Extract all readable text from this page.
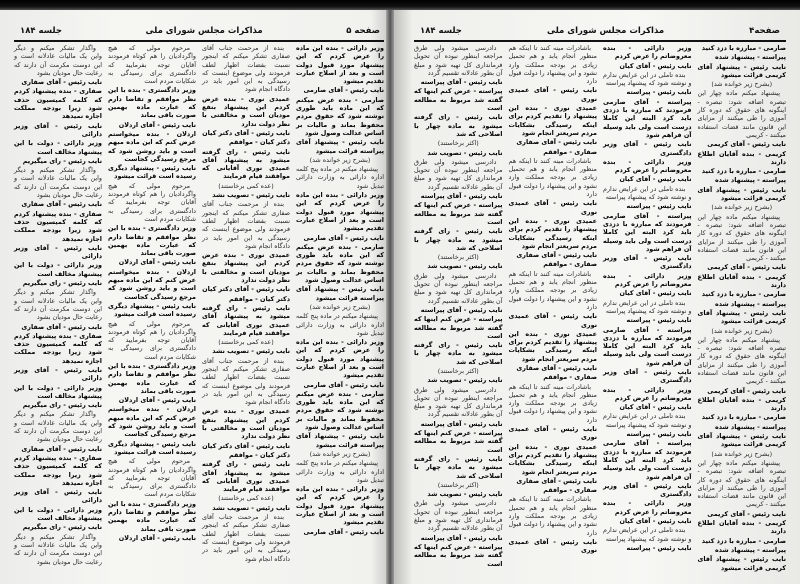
صفحه ۵
مذاکرات مجلس شورای ملی
جلسه ۱۸۴

وزیر دارائی - بنده این ماده را عرض کردم که این پیشنهاد مورد قبول دولت است و بعد از اصلاح عبارت تقدیم میشود

نایب رئیس - آقای صارمی

صارمی - بنده عرض میکنم که این ماده باید طوری نوشته شود که حقوق مردم محفوظ بماند و مالیات بر اساس عدالت وصول شود

نایب رئیس - پیشنهاد آقای پیراسته قرائت میشود

(بشرح زیر خوانده شد)

پیشنهاد میکنم در ماده پنج کلمه اداره دارائی به وزارت دارائی تبدیل شود

وزیر دارائی - بنده این ماده را عرض کردم که این پیشنهاد مورد قبول دولت است و بعد از اصلاح عبارت تقدیم میشود

نایب رئیس - آقای صارمی

صارمی - بنده عرض میکنم که این ماده باید طوری نوشته شود که حقوق مردم محفوظ بماند و مالیات بر اساس عدالت وصول شود

نایب رئیس - پیشنهاد آقای پیراسته قرائت میشود

(بشرح زیر خوانده شد)

پیشنهاد میکنم در ماده پنج کلمه اداره دارائی به وزارت دارائی تبدیل شود

وزیر دارائی - بنده این ماده را عرض کردم که این پیشنهاد مورد قبول دولت است و بعد از اصلاح عبارت تقدیم میشود

نایب رئیس - آقای صارمی

صارمی - بنده عرض میکنم که این ماده باید طوری نوشته شود که حقوق مردم محفوظ بماند و مالیات بر اساس عدالت وصول شود

نایب رئیس - پیشنهاد آقای پیراسته قرائت میشود

(بشرح زیر خوانده شد)

پیشنهاد میکنم در ماده پنج کلمه اداره دارائی به وزارت دارائی تبدیل شود

وزیر دارائی - بنده این ماده را عرض کردم که این پیشنهاد مورد قبول دولت است و بعد از اصلاح عبارت تقدیم میشود

نایب رئیس - آقای صارمی

بنده از مرحمت جناب آقای صفاری تشکر میکنم که اینجور نسبت بفضات اظهار لطف فرمودند ولی موضوع اینست که رسیدگی به این امور باید در دادگاه انجام شود

عمیدی نوری - بنده عرض کردم این پیشنهاد بنفع مودیان است و مخالفتی با نظر دولت ندارد

نایب رئیس - آقای دکتر کیان

دکتر کیان - موافقم

نایب رئیس - رای گرفته میشود به پیشنهاد آقای عمیدی نوری آقایانی که موافقند قیام فرمایند

(عده کمی برخاستند)

نایب رئیس - تصویب نشد

بنده از مرحمت جناب آقای صفاری تشکر میکنم که اینجور نسبت بفضات اظهار لطف فرمودند ولی موضوع اینست که رسیدگی به این امور باید در دادگاه انجام شود

عمیدی نوری - بنده عرض کردم این پیشنهاد بنفع مودیان است و مخالفتی با نظر دولت ندارد

نایب رئیس - آقای دکتر کیان

دکتر کیان - موافقم

نایب رئیس - رای گرفته میشود به پیشنهاد آقای عمیدی نوری آقایانی که موافقند قیام فرمایند

(عده کمی برخاستند)

نایب رئیس - تصویب نشد

بنده از مرحمت جناب آقای صفاری تشکر میکنم که اینجور نسبت بفضات اظهار لطف فرمودند ولی موضوع اینست که رسیدگی به این امور باید در دادگاه انجام شود

عمیدی نوری - بنده عرض کردم این پیشنهاد بنفع مودیان است و مخالفتی با نظر دولت ندارد

نایب رئیس - آقای دکتر کیان

دکتر کیان - موافقم

نایب رئیس - رای گرفته میشود به پیشنهاد آقای عمیدی نوری آقایانی که موافقند قیام فرمایند

(عده کمی برخاستند)

نایب رئیس - تصویب نشد

بنده از مرحمت جناب آقای صفاری تشکر میکنم که اینجور نسبت بفضات اظهار لطف فرمودند ولی موضوع اینست که رسیدگی به این امور باید در دادگاه انجام شود

مرحوم مولی که هیچ واگردادیان را هم کوتاه فرمودند آقایان توجه بفرمایید که دادگستری برای رسیدگی به شکایات مردم است

وزیر دادگستری - بنده با این نظر موافقم و تقاضا دارم که عبارت ماده بهمین صورت باقی بماند

نایب رئیس - آقای اردلان

اردلان - بنده میخواستم عرض کنم که این ماده مبهم است و باید روشن شود که مرجع رسیدگی کجاست

نایب رئیس - پیشنهاد دیگری رسیده است قرائت میشود

مرحوم مولی که هیچ واگردادیان را هم کوتاه فرمودند آقایان توجه بفرمایید که دادگستری برای رسیدگی به شکایات مردم است

وزیر دادگستری - بنده با این نظر موافقم و تقاضا دارم که عبارت ماده بهمین صورت باقی بماند

نایب رئیس - آقای اردلان

اردلان - بنده میخواستم عرض کنم که این ماده مبهم است و باید روشن شود که مرجع رسیدگی کجاست

نایب رئیس - پیشنهاد دیگری رسیده است قرائت میشود

مرحوم مولی که هیچ واگردادیان را هم کوتاه فرمودند آقایان توجه بفرمایید که دادگستری برای رسیدگی به شکایات مردم است

وزیر دادگستری - بنده با این نظر موافقم و تقاضا دارم که عبارت ماده بهمین صورت باقی بماند

نایب رئیس - آقای اردلان

اردلان - بنده میخواستم عرض کنم که این ماده مبهم است و باید روشن شود که مرجع رسیدگی کجاست

نایب رئیس - پیشنهاد دیگری رسیده است قرائت میشود

مرحوم مولی که هیچ واگردادیان را هم کوتاه فرمودند آقایان توجه بفرمایید که دادگستری برای رسیدگی به شکایات مردم است

وزیر دادگستری - بنده با این نظر موافقم و تقاضا دارم که عبارت ماده بهمین صورت باقی بماند

نایب رئیس - آقای اردلان

واگذار تشکر میکنم و دیگر واین یک مالیات عادلانه است و این دوست مکرمت آن دارند که رعایت حال مودیان بشود

نایب رئیس - آقای صفاری

صفاری - بنده پیشنهاد کردم که کلمه کمیسیون حذف شود زیرا بودجه مملکت اجازه نمیدهد

نایب رئیس - آقای وزیر دارائی

وزیر دارائی - دولت با این پیشنهاد مخالف است

نایب رئیس - رای میگیریم

واگذار تشکر میکنم و دیگر واین یک مالیات عادلانه است و این دوست مکرمت آن دارند که رعایت حال مودیان بشود

نایب رئیس - آقای صفاری

صفاری - بنده پیشنهاد کردم که کلمه کمیسیون حذف شود زیرا بودجه مملکت اجازه نمیدهد

نایب رئیس - آقای وزیر دارائی

وزیر دارائی - دولت با این پیشنهاد مخالف است

نایب رئیس - رای میگیریم

واگذار تشکر میکنم و دیگر واین یک مالیات عادلانه است و این دوست مکرمت آن دارند که رعایت حال مودیان بشود

نایب رئیس - آقای صفاری

صفاری - بنده پیشنهاد کردم که کلمه کمیسیون حذف شود زیرا بودجه مملکت اجازه نمیدهد

نایب رئیس - آقای وزیر دارائی

وزیر دارائی - دولت با این پیشنهاد مخالف است

نایب رئیس - رای میگیریم

واگذار تشکر میکنم و دیگر واین یک مالیات عادلانه است و این دوست مکرمت آن دارند که رعایت حال مودیان بشود

نایب رئیس - آقای صفاری

صفاری - بنده پیشنهاد کردم که کلمه کمیسیون حذف شود زیرا بودجه مملکت اجازه نمیدهد

نایب رئیس - آقای وزیر دارائی

وزیر دارائی - دولت با این پیشنهاد مخالف است

نایب رئیس - رای میگیریم

واگذار تشکر میکنم و دیگر واین یک مالیات عادلانه است و این دوست مکرمت آن دارند که رعایت حال مودیان بشود

صفحه۴
مذاکرات مجلس شورای ملی
جلسه ۱۸۴

صارمی - مبارزه با دزد کنید

پیراسته - پیشنهاد شده

نایب رئیس - پیشنهاد آقای کریمی قرائت میشود

(بشرح زیر خوانده شد)

پیشنهاد میکنم ماده چهار این تبصره اضافه شود: تبصره - اینگونه های حقوق که دوره کار آموزی را طی میکنند از مزایای این قانون مانند قضات استفاده میکنند - کریمی

نایب رئیس - آقای کریمی

کریمی - بنده آقایان اطلاع دارند

صارمی - مبارزه با دزد کنید

پیراسته - پیشنهاد شده

نایب رئیس - پیشنهاد آقای کریمی قرائت میشود

(بشرح زیر خوانده شد)

پیشنهاد میکنم ماده چهار این تبصره اضافه شود: تبصره - اینگونه های حقوق که دوره کار آموزی را طی میکنند از مزایای این قانون مانند قضات استفاده میکنند - کریمی

نایب رئیس - آقای کریمی

کریمی - بنده آقایان اطلاع دارند

صارمی - مبارزه با دزد کنید

پیراسته - پیشنهاد شده

نایب رئیس - پیشنهاد آقای کریمی قرائت میشود

(بشرح زیر خوانده شد)

پیشنهاد میکنم ماده چهار این تبصره اضافه شود: تبصره - اینگونه های حقوق که دوره کار آموزی را طی میکنند از مزایای این قانون مانند قضات استفاده میکنند - کریمی

نایب رئیس - آقای کریمی

کریمی - بنده آقایان اطلاع دارند

صارمی - مبارزه با دزد کنید

پیراسته - پیشنهاد شده

نایب رئیس - پیشنهاد آقای کریمی قرائت میشود

(بشرح زیر خوانده شد)

پیشنهاد میکنم ماده چهار این تبصره اضافه شود: تبصره - اینگونه های حقوق که دوره کار آموزی را طی میکنند از مزایای این قانون مانند قضات استفاده میکنند - کریمی

نایب رئیس - آقای کریمی

کریمی - بنده آقایان اطلاع دارند

صارمی - مبارزه با دزد کنید

پیراسته - پیشنهاد شده

نایب رئیس - پیشنهاد آقای کریمی قرائت میشود

وزیر دارائی - بنده معروضاتم را عرض کردم

نایب رئیس - آقای کیان

بنده تاملی در این عرایض ندارم و نوشته شود که پیشنهاد پیراسته

نایب رئیس - پیراسته

پیراسته - آقای صارمی فرمودند که مبارزه با دزدی باید کرد البته این کاملا درست است ولی باید وسیله آن فراهم شود

نایب رئیس - آقای وزیر دادگستری

وزیر دارائی - بنده معروضاتم را عرض کردم

نایب رئیس - آقای کیان

بنده تاملی در این عرایض ندارم و نوشته شود که پیشنهاد پیراسته

نایب رئیس - پیراسته

پیراسته - آقای صارمی فرمودند که مبارزه با دزدی باید کرد البته این کاملا درست است ولی باید وسیله آن فراهم شود

نایب رئیس - آقای وزیر دادگستری

وزیر دارائی - بنده معروضاتم را عرض کردم

نایب رئیس - آقای کیان

بنده تاملی در این عرایض ندارم و نوشته شود که پیشنهاد پیراسته

نایب رئیس - پیراسته

پیراسته - آقای صارمی فرمودند که مبارزه با دزدی باید کرد البته این کاملا درست است ولی باید وسیله آن فراهم شود

نایب رئیس - آقای وزیر دادگستری

وزیر دارائی - بنده معروضاتم را عرض کردم

نایب رئیس - آقای کیان

بنده تاملی در این عرایض ندارم و نوشته شود که پیشنهاد پیراسته

نایب رئیس - پیراسته

پیراسته - آقای صارمی فرمودند که مبارزه با دزدی باید کرد البته این کاملا درست است ولی باید وسیله آن فراهم شود

نایب رئیس - آقای وزیر دادگستری

وزیر دارائی - بنده معروضاتم را عرض کردم

نایب رئیس - آقای کیان

بنده تاملی در این عرایض ندارم و نوشته شود که پیشنهاد پیراسته

نایب رئیس - پیراسته

باشادرات مینه کنند تا اینکه هم منظور انجام یابد و هم تحمیل زیادی بر بودجه مملکت وارد نشود و این پیشنهاد را دولت قبول دارد

نایب رئیس - آقای عمیدی نوری

عمیدی نوری - بنده این پیشنهاد را تقدیم کردم برای اینکه رسیدگی بشکایات مردم سریعتر انجام شود

نایب رئیس - آقای صفاری

صفاری - موافقم

باشادرات مینه کنند تا اینکه هم منظور انجام یابد و هم تحمیل زیادی بر بودجه مملکت وارد نشود و این پیشنهاد را دولت قبول دارد

نایب رئیس - آقای عمیدی نوری

عمیدی نوری - بنده این پیشنهاد را تقدیم کردم برای اینکه رسیدگی بشکایات مردم سریعتر انجام شود

نایب رئیس - آقای صفاری

صفاری - موافقم

باشادرات مینه کنند تا اینکه هم منظور انجام یابد و هم تحمیل زیادی بر بودجه مملکت وارد نشود و این پیشنهاد را دولت قبول دارد

نایب رئیس - آقای عمیدی نوری

عمیدی نوری - بنده این پیشنهاد را تقدیم کردم برای اینکه رسیدگی بشکایات مردم سریعتر انجام شود

نایب رئیس - آقای صفاری

صفاری - موافقم

باشادرات مینه کنند تا اینکه هم منظور انجام یابد و هم تحمیل زیادی بر بودجه مملکت وارد نشود و این پیشنهاد را دولت قبول دارد

نایب رئیس - آقای عمیدی نوری

عمیدی نوری - بنده این پیشنهاد را تقدیم کردم برای اینکه رسیدگی بشکایات مردم سریعتر انجام شود

نایب رئیس - آقای صفاری

صفاری - موافقم

باشادرات مینه کنند تا اینکه هم منظور انجام یابد و هم تحمیل زیادی بر بودجه مملکت وارد نشود و این پیشنهاد را دولت قبول دارد

نایب رئیس - آقای عمیدی نوری

دادرسی میشود ولی طرق مراجعه اینطور نبوده آن تحویل فرمانداری کل تهیه شود و مبلغ آن بطور عادلانه تقسیم گردد

نایب رئیس - آقای پیراسته

پیراسته - عرض کنم اینها که گفته شد مربوط به مطالعه است

نایب رئیس - رای گرفته میشود به ماده چهار با اصلاحی که شد

(اکثر برخاستند)

نایب رئیس - تصویب شد

دادرسی میشود ولی طرق مراجعه اینطور نبوده آن تحویل فرمانداری کل تهیه شود و مبلغ آن بطور عادلانه تقسیم گردد

نایب رئیس - آقای پیراسته

پیراسته - عرض کنم اینها که گفته شد مربوط به مطالعه است

نایب رئیس - رای گرفته میشود به ماده چهار با اصلاحی که شد

(اکثر برخاستند)

نایب رئیس - تصویب شد

دادرسی میشود ولی طرق مراجعه اینطور نبوده آن تحویل فرمانداری کل تهیه شود و مبلغ آن بطور عادلانه تقسیم گردد

نایب رئیس - آقای پیراسته

پیراسته - عرض کنم اینها که گفته شد مربوط به مطالعه است

نایب رئیس - رای گرفته میشود به ماده چهار با اصلاحی که شد

(اکثر برخاستند)

نایب رئیس - تصویب شد

دادرسی میشود ولی طرق مراجعه اینطور نبوده آن تحویل فرمانداری کل تهیه شود و مبلغ آن بطور عادلانه تقسیم گردد

نایب رئیس - آقای پیراسته

پیراسته - عرض کنم اینها که گفته شد مربوط به مطالعه است

نایب رئیس - رای گرفته میشود به ماده چهار با اصلاحی که شد

(اکثر برخاستند)

نایب رئیس - تصویب شد

دادرسی میشود ولی طرق مراجعه اینطور نبوده آن تحویل فرمانداری کل تهیه شود و مبلغ آن بطور عادلانه تقسیم گردد

نایب رئیس - آقای پیراسته

پیراسته - عرض کنم اینها که گفته شد مربوط به مطالعه است
